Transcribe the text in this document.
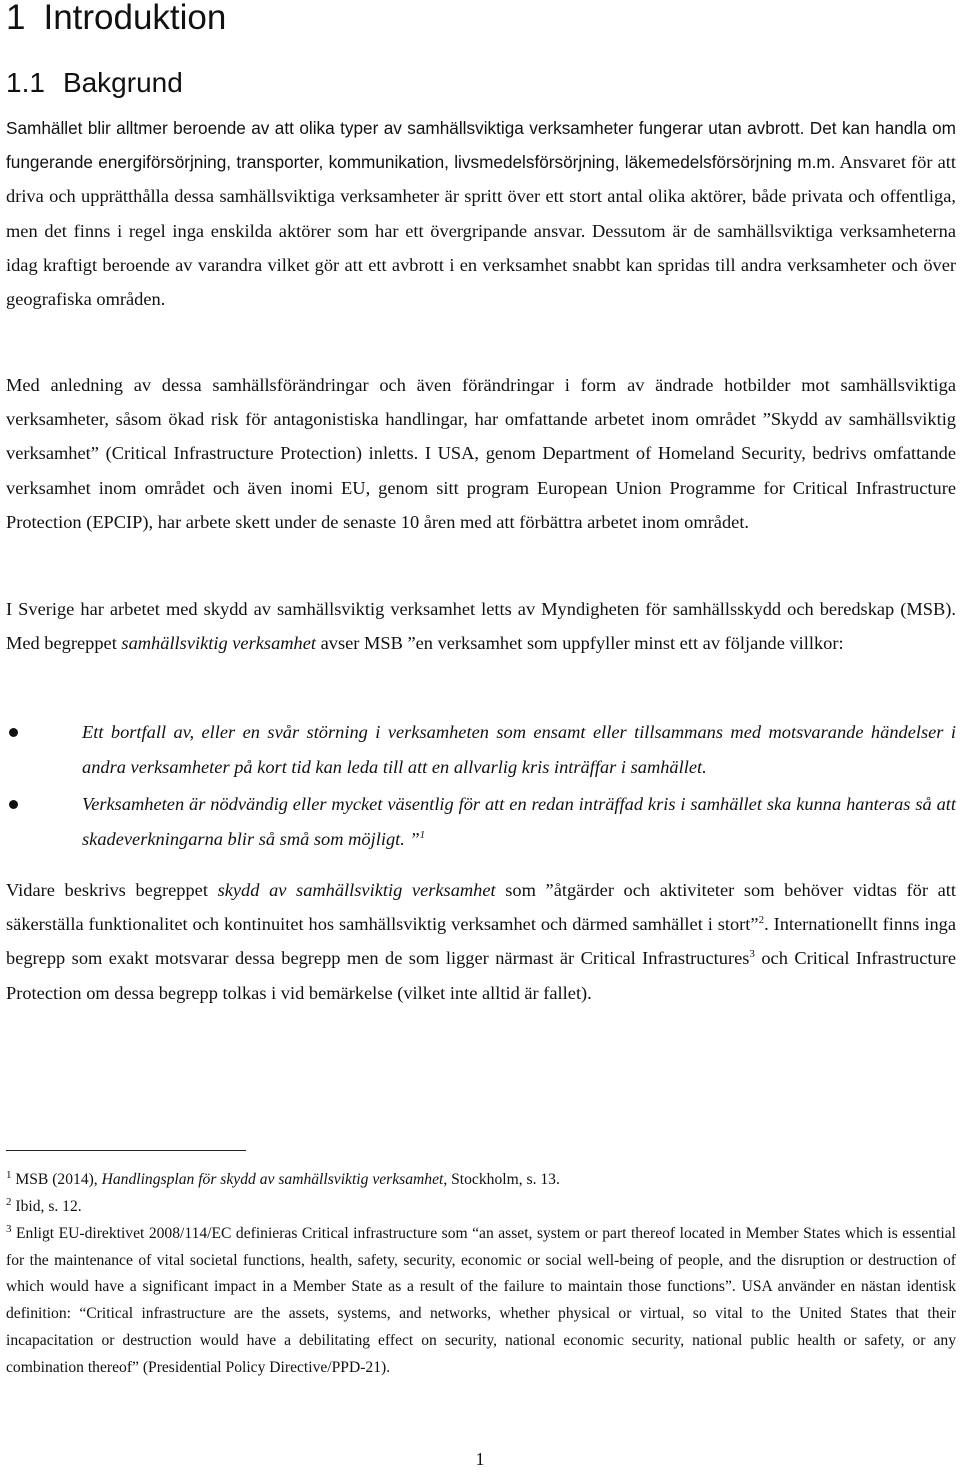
1 Introduktion
1.1 Bakgrund

Samhället blir alltmer beroende av att olika typer av samhällsviktiga verksamheter fungerar utan avbrott. Det kan handla om fungerande energiförsörjning, transporter, kommunikation, livsmedelsförsörjning, läkemedelsförsörjning m.m. Ansvaret för att driva och upprätthålla dessa samhällsviktiga verksamheter är spritt över ett stort antal olika aktörer, både privata och offentliga, men det finns i regel inga enskilda aktörer som har ett övergripande ansvar. Dessutom är de samhällsviktiga verksamheterna idag kraftigt beroende av varandra vilket gör att ett avbrott i en verksamhet snabbt kan spridas till andra verksamheter och över geografiska områden.

Med anledning av dessa samhällsförändringar och även förändringar i form av ändrade hotbilder mot samhällsviktiga verksamheter, såsom ökad risk för antagonistiska handlingar, har omfattande arbetet inom området ”Skydd av samhällsviktig verksamhet” (Critical Infrastructure Protection) inletts. I USA, genom Department of Homeland Security, bedrivs omfattande verksamhet inom området och även inomi EU, genom sitt program European Union Programme for Critical Infrastructure Protection (EPCIP), har arbete skett under de senaste 10 åren med att förbättra arbetet inom området.

I Sverige har arbetet med skydd av samhällsviktig verksamhet letts av Myndigheten för samhällsskydd och beredskap (MSB). Med begreppet samhällsviktig verksamhet avser MSB ”en verksamhet som uppfyller minst ett av följande villkor:

Ett bortfall av, eller en svår störning i verksamheten som ensamt eller tillsammans med motsvarande händelser i andra verksamheter på kort tid kan leda till att en allvarlig kris inträffar i samhället.
Verksamheten är nödvändig eller mycket väsentlig för att en redan inträffad kris i samhället ska kunna hanteras så att skadeverkningarna blir så små som möjligt. ”$^1$

Vidare beskrivs begreppet skydd av samhällsviktig verksamhet som ”åtgärder och aktiviteter som behöver vidtas för att säkerställa funktionalitet och kontinuitet hos samhällsviktig verksamhet och därmed samhället i stort”$^2$. Internationellt finns inga begrepp som exakt motsvarar dessa begrepp men de som ligger närmast är Critical Infrastructures$^3$ och Critical Infrastructure Protection om dessa begrepp tolkas i vid bemärkelse (vilket inte alltid är fallet).

$^1$ MSB (2014), Handlingsplan för skydd av samhällsviktig verksamhet, Stockholm, s. 13.

$^2$ Ibid, s. 12.

$^3$ Enligt EU-direktivet 2008/114/EC definieras Critical infrastructure som “an asset, system or part thereof located in Member States which is essential for the maintenance of vital societal functions, health, safety, security, economic or social well-being of people, and the disruption or destruction of which would have a significant impact in a Member State as a result of the failure to maintain those functions”. USA använder en nästan identisk definition: “Critical infrastructure are the assets, systems, and networks, whether physical or virtual, so vital to the United States that their incapacitation or destruction would have a debilitating effect on security, national economic security, national public health or safety, or any combination thereof” (Presidential Policy Directive/PPD-21).

1
